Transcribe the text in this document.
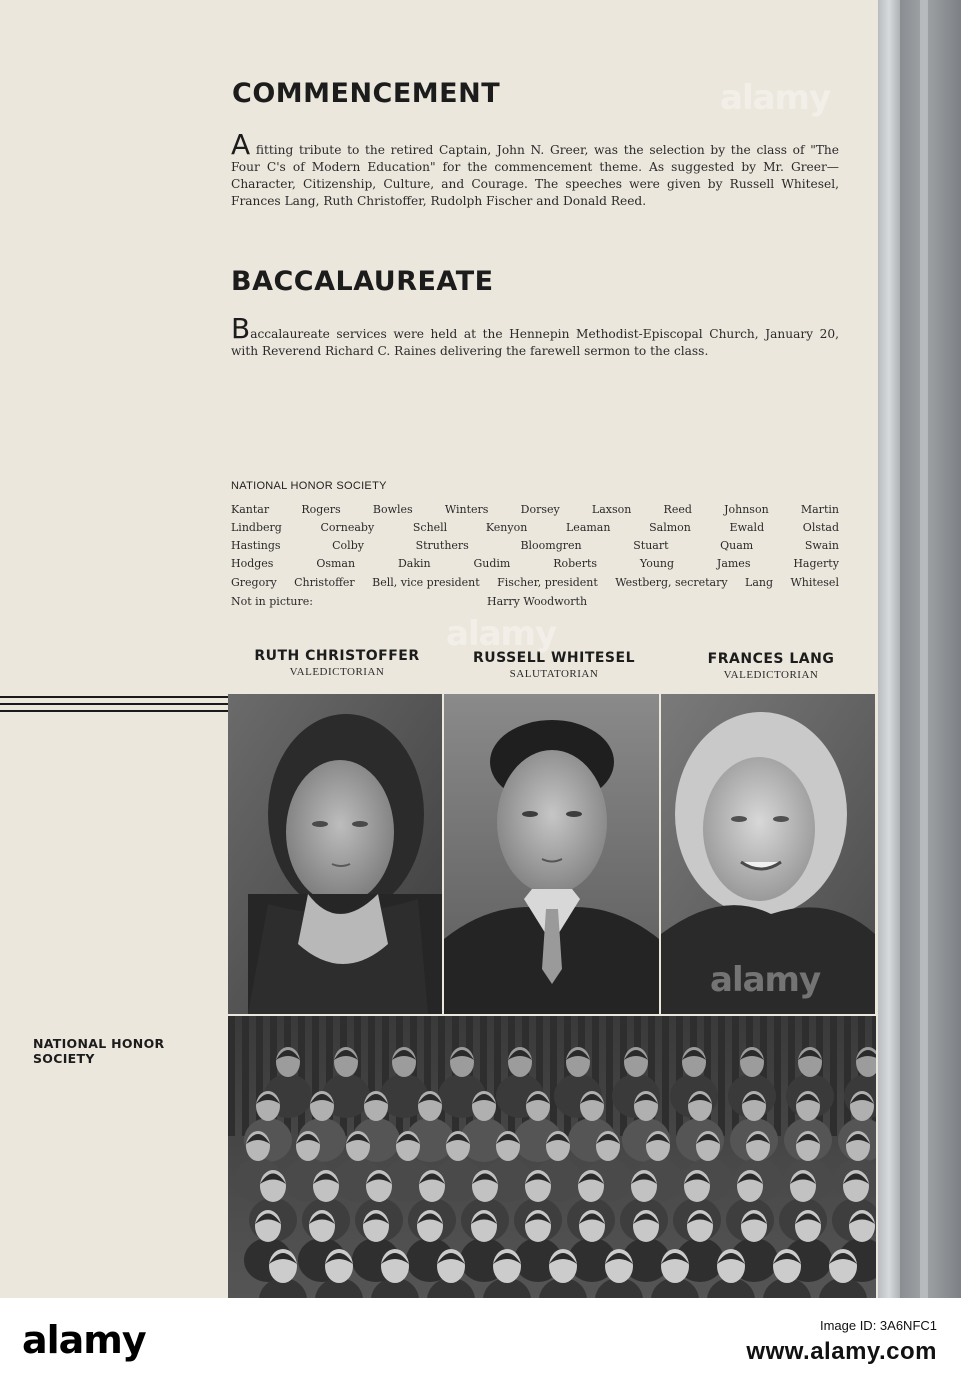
COMMENCEMENT

A fitting tribute to the retired Captain, John N. Greer, was the selection by the class of "The Four C's of Modern Education" for the commencement theme. As suggested by Mr. Greer—Character, Citizenship, Culture, and Courage. The speeches were given by Russell Whitesel, Frances Lang, Ruth Christoffer, Rudolph Fischer and Donald Reed.

BACCALAUREATE

Baccalaureate services were held at the Hennepin Methodist-Episcopal Church, January 20, with Reverend Richard C. Raines delivering the farewell sermon to the class.

NATIONAL HONOR SOCIETY
Kantar	Rogers	Bowles	Winters	Dorsey	Laxson	Reed	Johnson	Martin
Lindberg	Corneaby	Schell	Kenyon	Leaman	Salmon	Ewald	Olstad
Hastings	Colby	Struthers	Bloomgren	Stuart	Quam	Swain
Hodges	Osman	Dakin	Gudim	Roberts	Young	James	Hagerty
Gregory Christoffer Bell, vice president Fischer, president Westberg, secretary Lang Whitesel
Not in picture:	Harry Woodworth
RUTH CHRISTOFFER
VALEDICTORIAN
RUSSELL WHITESEL
SALUTATORIAN
FRANCES LANG
VALEDICTORIAN
NATIONAL HONOR
SOCIETY
alamy
alamy
alamy
alamy	Image ID: 3A6NFC1
www.alamy.com
